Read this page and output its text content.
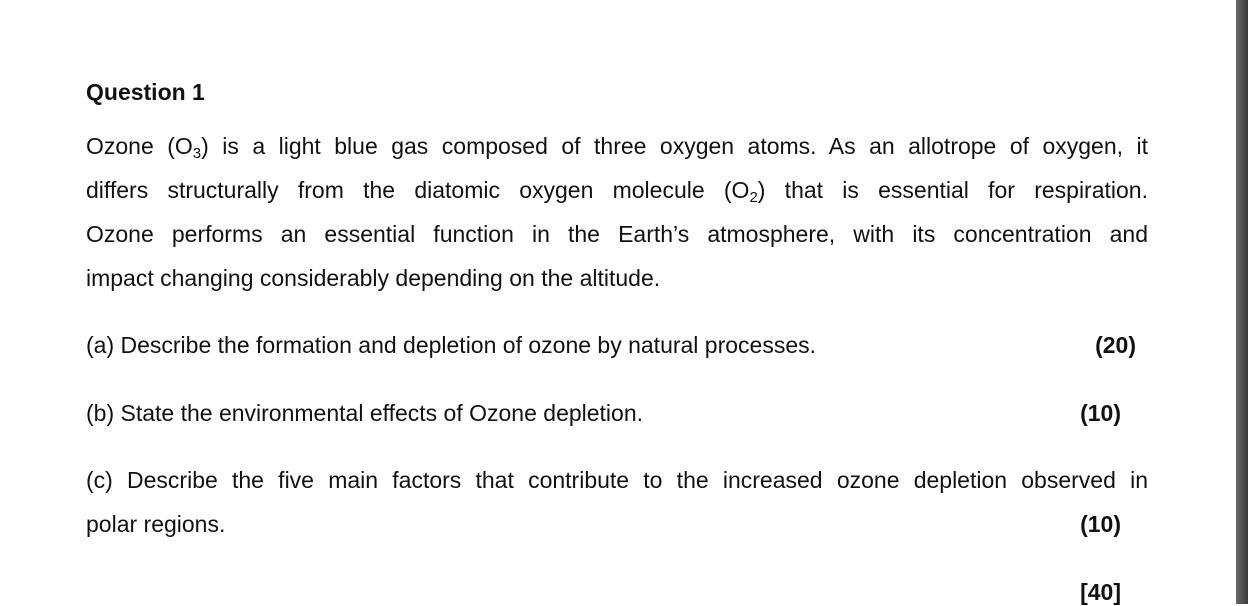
Question 1
Ozone $(O_3)$ is a light blue gas composed of three oxygen atoms. As an allotrope of oxygen, it
differs structurally from the diatomic oxygen molecule $(O_2)$ that is essential for respiration.
Ozone performs an essential function in the Earth’s atmosphere, with its concentration and
impact changing considerably depending on the altitude.
(a) Describe the formation and depletion of ozone by natural processes.	(20)
(b) State the environmental effects of Ozone depletion.	(10)
(c) Describe the five main factors that contribute to the increased ozone depletion observed in
polar regions.	(10)
[40]
